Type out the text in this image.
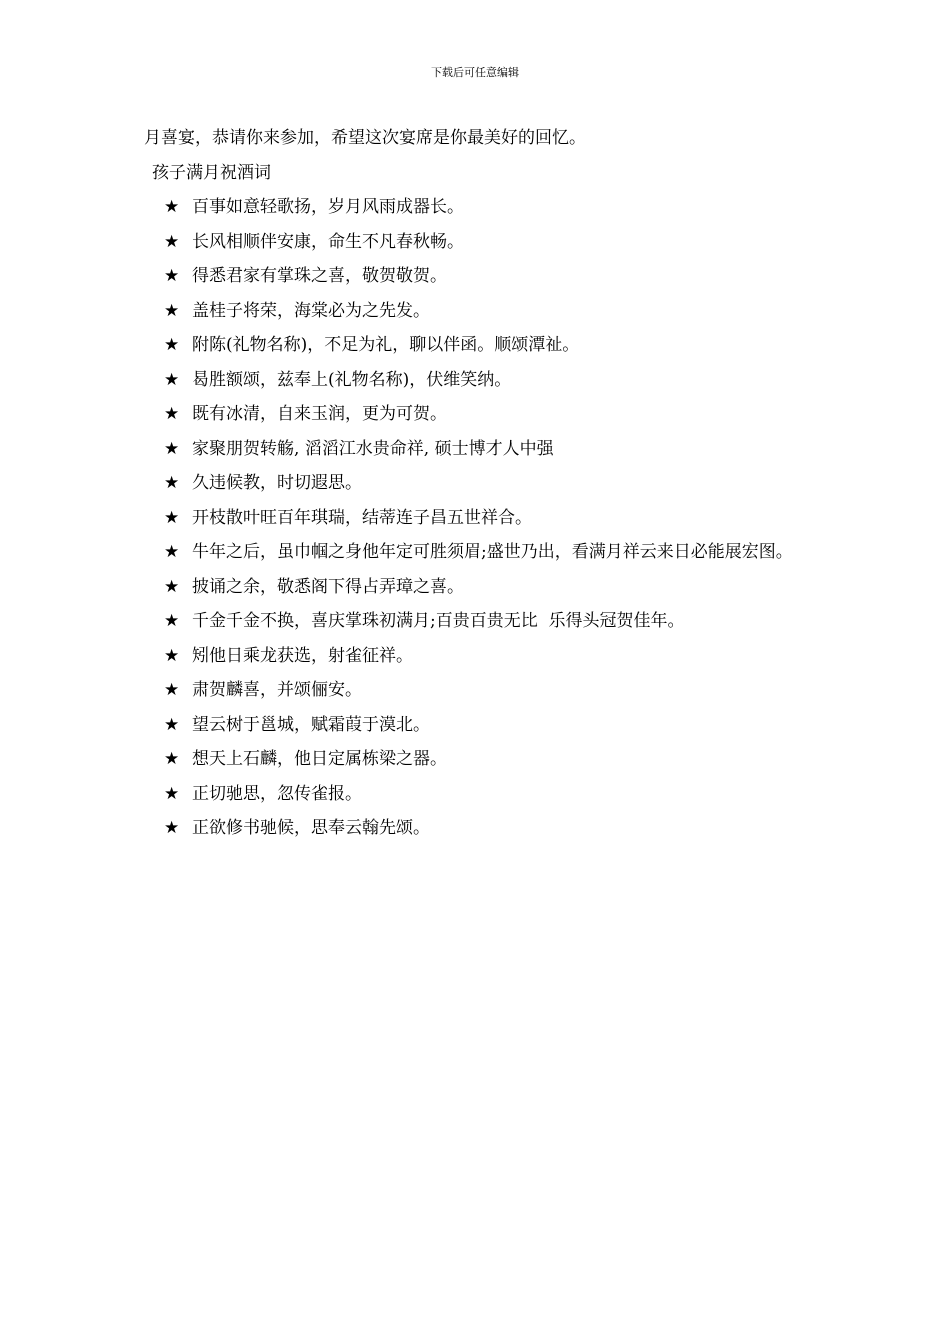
下载后可任意编辑
月喜宴，恭请你来参加，希望这次宴席是你最美好的回忆。
孩子满月祝酒词
★ 百事如意轻歌扬，岁月风雨成器长。
★ 长风相顺伴安康，命生不凡春秋畅。
★ 得悉君家有掌珠之喜，敬贺敬贺。
★ 盖桂子将荣，海棠必为之先发。
★ 附陈(礼物名称)，不足为礼，聊以伴函。顺颂潭祉。
★ 曷胜额颂，兹奉上(礼物名称)，伏维笑纳。
★ 既有冰清，自来玉润，更为可贺。
★ 家聚朋贺转觞, 滔滔江水贵命祥, 硕士博才人中强
★ 久违候教，时切遐思。
★ 开枝散叶旺百年琪瑞，结蒂连子昌五世祥合。
★ 牛年之后，虽巾帼之身他年定可胜须眉;盛世乃出，看满月祥云来日必能展宏图。
★ 披诵之余，敬悉阁下得占弄璋之喜。
★ 千金千金不换，喜庆掌珠初满月;百贵百贵无比  乐得头冠贺佳年。
★ 矧他日乘龙获选，射雀征祥。
★ 肃贺麟喜，并颂俪安。
★ 望云树于邕城，赋霜葭于漠北。
★ 想天上石麟，他日定属栋梁之器。
★ 正切驰思，忽传雀报。
★ 正欲修书驰候，思奉云翰先颂。
